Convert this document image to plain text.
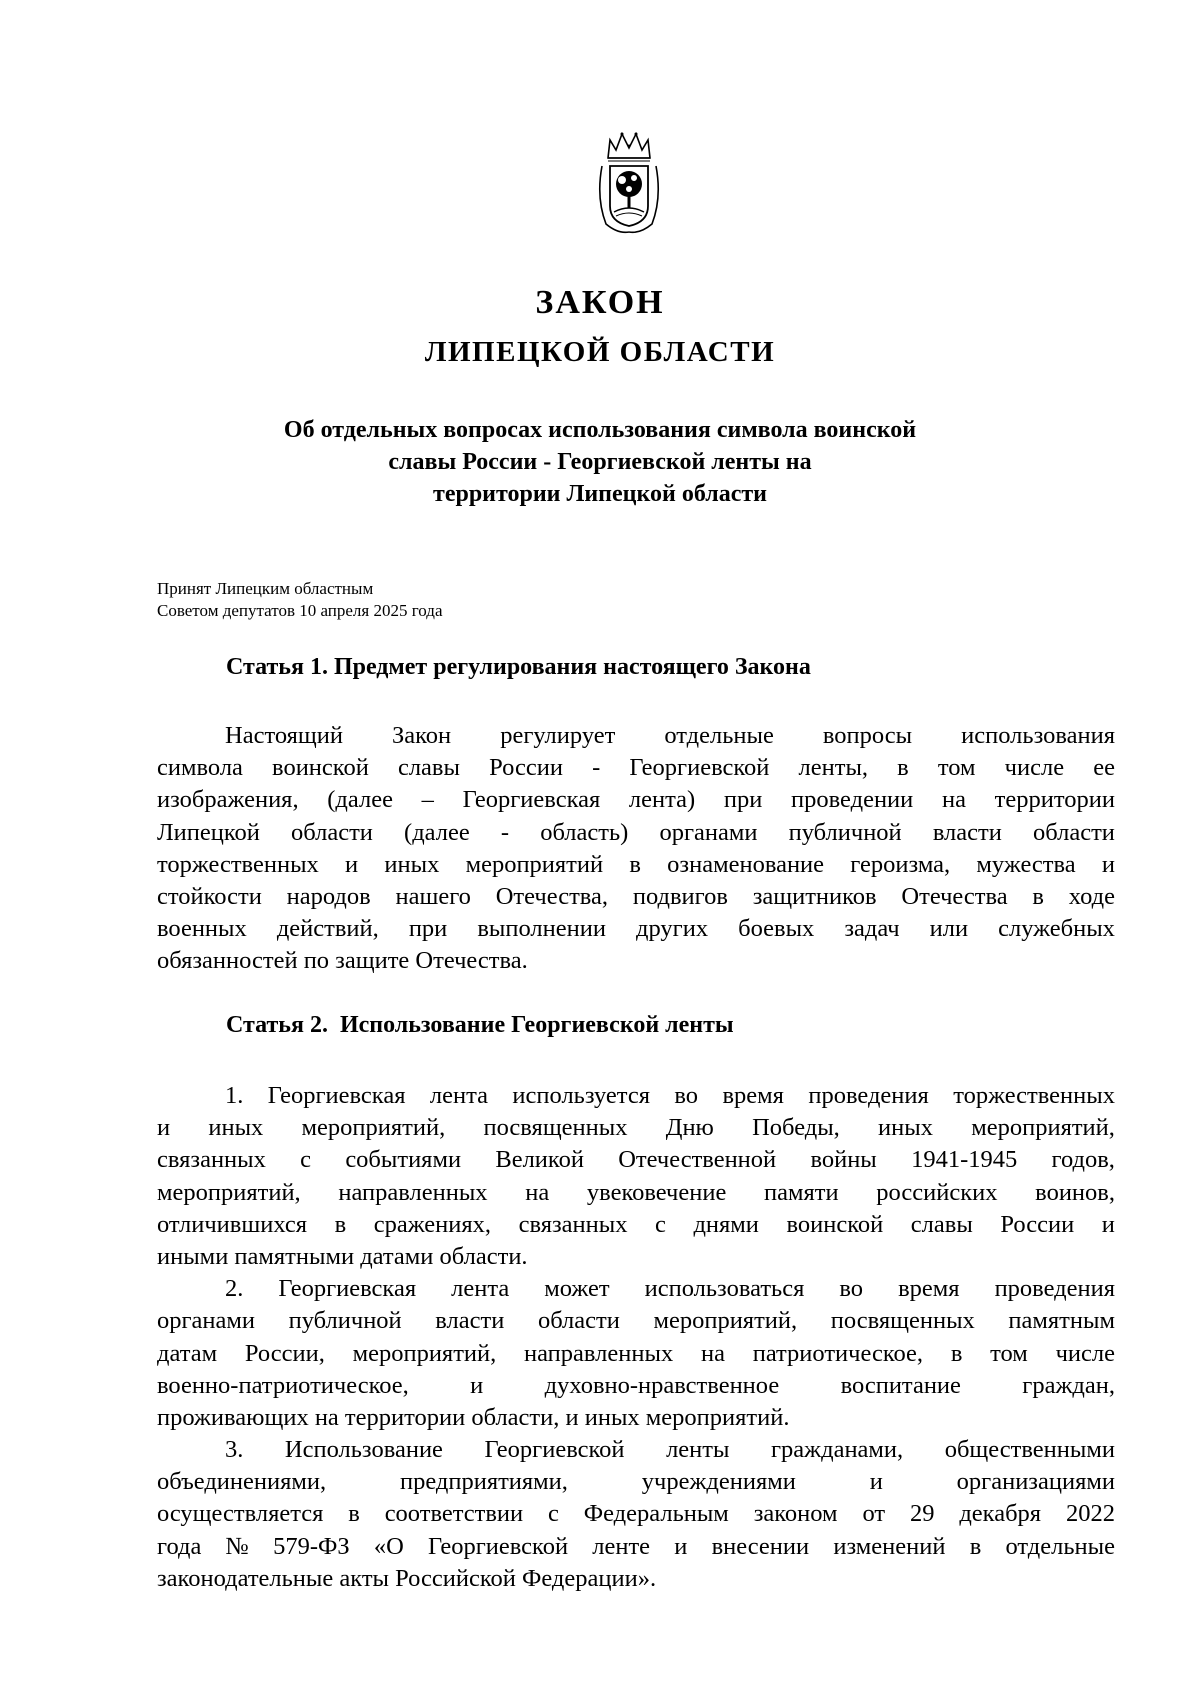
ЗАКОН
ЛИПЕЦКОЙ ОБЛАСТИ
Об отдельных вопросах использования символа воинской
славы России - Георгиевской ленты на
территории Липецкой области
Принят Липецким областным
Советом депутатов 10 апреля 2025 года
Статья 1. Предмет регулирования настоящего Закона
Настоящий Закон регулирует отдельные вопросы использования
символа воинской славы России - Георгиевской ленты, в том числе ее
изображения, (далее – Георгиевская лента) при проведении на территории
Липецкой области (далее - область) органами публичной власти области
торжественных и иных мероприятий в ознаменование героизма, мужества и
стойкости народов нашего Отечества, подвигов защитников Отечества в ходе
военных действий, при выполнении других боевых задач или служебных
обязанностей по защите Отечества.
Статья 2.  Использование Георгиевской ленты
1. Георгиевская лента используется во время проведения торжественных
и иных мероприятий, посвященных Дню Победы, иных мероприятий,
связанных с событиями Великой Отечественной войны 1941-1945 годов,
мероприятий, направленных на увековечение памяти российских воинов,
отличившихся в сражениях, связанных с днями воинской славы России и
иными памятными датами области.
2. Георгиевская лента может использоваться во время проведения
органами публичной власти области мероприятий, посвященных памятным
датам России, мероприятий, направленных на патриотическое, в том числе
военно-патриотическое,	и	духовно-нравственное	воспитание	граждан,
проживающих на территории области, и иных мероприятий.
3. Использование Георгиевской ленты гражданами, общественными
объединениями,	предприятиями,	учреждениями	и	организациями
осуществляется в соответствии с Федеральным законом от 29 декабря 2022
года № 579-ФЗ «О Георгиевской ленте и внесении изменений в отдельные
законодательные акты Российской Федерации».
